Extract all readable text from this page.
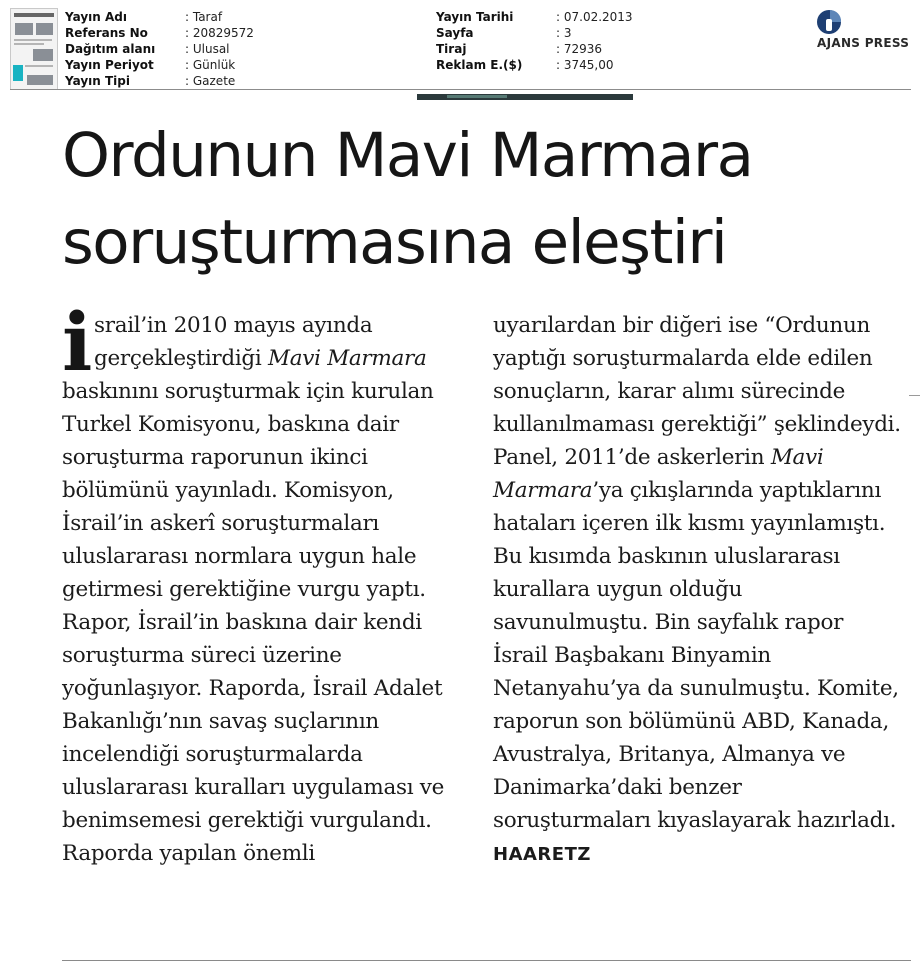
Yayın Adı	: Taraf
Referans No	: 20829572
Dağıtım alanı	: Ulusal
Yayın Periyot	: Günlük
Yayın Tipi	: Gazete
Yayın Tarihi	: 07.02.2013
Sayfa	: 3
Tiraj	: 72936
Reklam E.($)	: 3745,00
AJANS PRESS
Ordunun Mavi Marmara soruşturmasına eleştiri

israil’in 2010 mayıs ayında gerçekleştirdiği Mavi Marmara baskınını soruşturmak için kurulan Turkel Komisyonu, baskına dair soruşturma raporunun ikinci bölümünü yayınladı. Komisyon, İsrail’in askerî soruşturmaları uluslararası normlara uygun hale getirmesi gerektiğine vurgu yaptı. Rapor, İsrail’in baskına dair kendi soruşturma süreci üzerine yoğunlaşıyor. Raporda, İsrail Adalet Bakanlığı’nın savaş suçlarının incelendiği soruşturmalarda uluslararası kuralları uygulaması ve benimsemesi gerektiği vurgulandı. Raporda yapılan önemli

uyarılardan bir diğeri ise “Ordunun yaptığı soruşturmalarda elde edilen sonuçların, karar alımı sürecinde kullanılmaması gerektiği” şeklindeydi. Panel, 2011’de askerlerin Mavi Marmara’ya çıkışlarında yaptıklarını hataları içeren ilk kısmı yayınlamıştı. Bu kısımda baskının uluslararası kurallara uygun olduğu savunulmuştu. Bin sayfalık rapor İsrail Başbakanı Binyamin Netanyahu’ya da sunulmuştu. Komite, raporun son bölümünü ABD, Kanada, Avustralya, Britanya, Almanya ve Danimarka’daki benzer soruşturmaları kıyaslayarak hazırladı. HAARETZ
